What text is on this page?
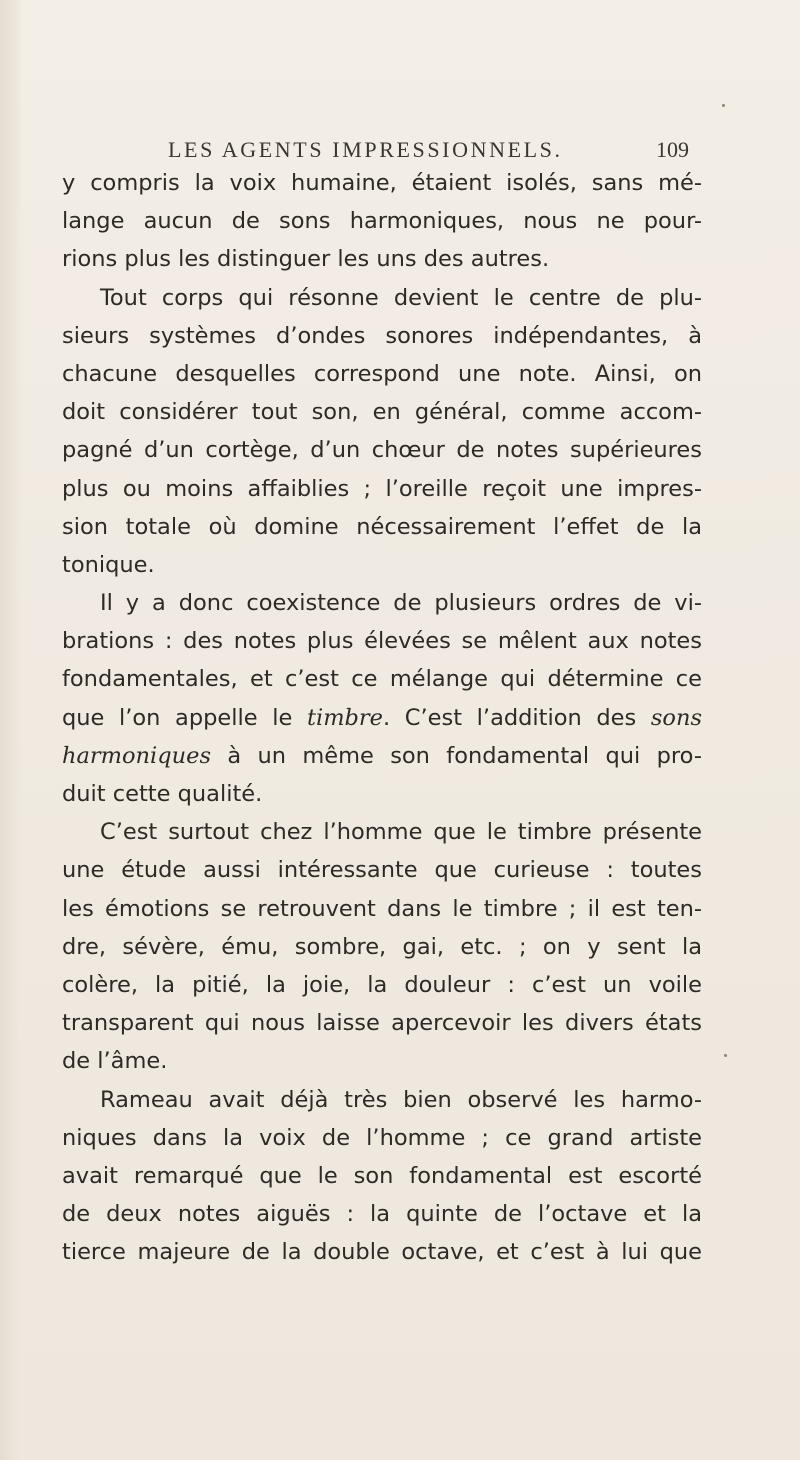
LES AGENTS IMPRESSIONNELS.	109
y compris la voix humaine, étaient isolés, sans mé-
lange aucun de sons harmoniques, nous ne pour-
rions plus les distinguer les uns des autres.
Tout corps qui résonne devient le centre de plu-
sieurs systèmes d’ondes sonores indépendantes, à
chacune desquelles correspond une note. Ainsi, on
doit considérer tout son, en général, comme accom-
pagné d’un cortège, d’un chœur de notes supérieures
plus ou moins affaiblies ; l’oreille reçoit une impres-
sion totale où domine nécessairement l’effet de la
tonique.
Il y a donc coexistence de plusieurs ordres de vi-
brations : des notes plus élevées se mêlent aux notes
fondamentales, et c’est ce mélange qui détermine ce
que l’on appelle le timbre. C’est l’addition des sons
harmoniques à un même son fondamental qui pro-
duit cette qualité.
C’est surtout chez l’homme que le timbre présente
une étude aussi intéressante que curieuse : toutes
les émotions se retrouvent dans le timbre ; il est ten-
dre, sévère, ému, sombre, gai, etc. ; on y sent la
colère, la pitié, la joie, la douleur : c’est un voile
transparent qui nous laisse apercevoir les divers états
de l’âme.
Rameau avait déjà très bien observé les harmo-
niques dans la voix de l’homme ; ce grand artiste
avait remarqué que le son fondamental est escorté
de deux notes aiguës : la quinte de l’octave et la
tierce majeure de la double octave, et c’est à lui que
